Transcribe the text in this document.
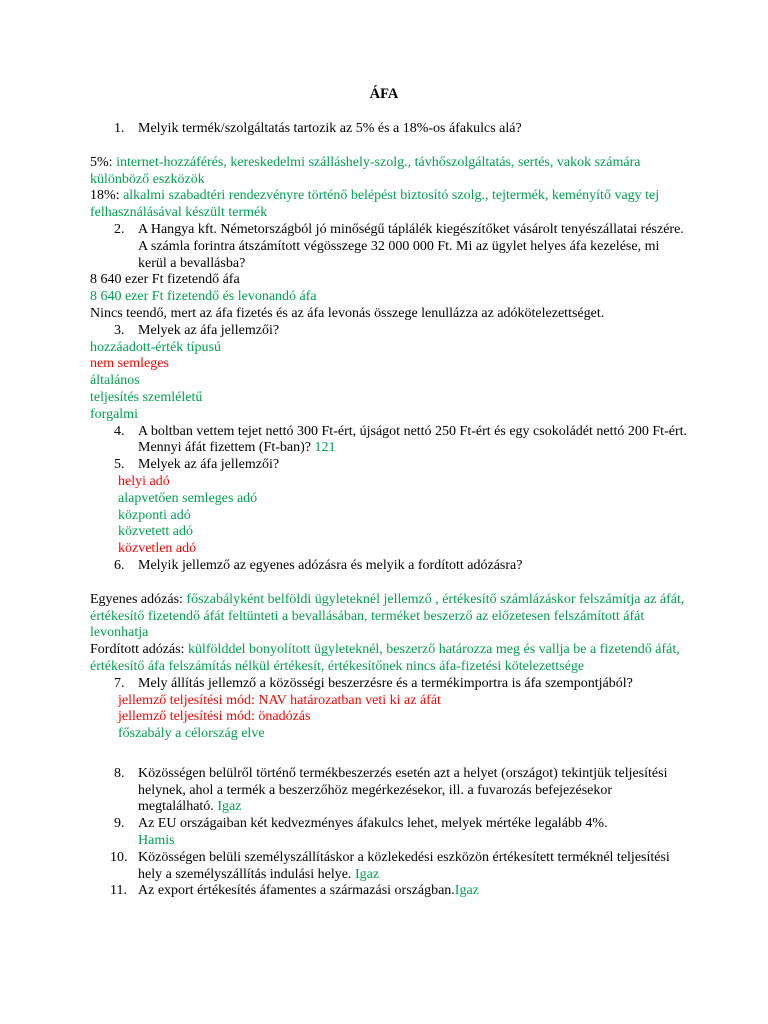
ÁFA
1. Melyik termék/szolgáltatás tartozik az 5% és a 18%-os áfakulcs alá?

5%: internet-hozzáférés, kereskedelmi szálláshely-szolg., távhőszolgáltatás, sertés, vakok számára különböző eszközök

18%: alkalmi szabadtéri rendezvényre történő belépést biztosító szolg., tejtermék, keményítő vagy tej felhasználásával készült termék

2. A Hangya kft. Németországból jó minőségű táplálék kiegészítőket vásárolt tenyészállatai részére. A számla forintra átszámított végösszege 32 000 000 Ft. Mi az ügylet helyes áfa kezelése, mi kerül a bevallásba?

8 640 ezer Ft fizetendő áfa

8 640 ezer Ft fizetendő és levonandó áfa

Nincs teendő, mert az áfa fizetés és az áfa levonás összege lenullázza az adókötelezettséget.

3. Melyek az áfa jellemzői?

hozzáadott-érték típusú

nem semleges

általános

teljesítés szemléletű

forgalmi

4. A boltban vettem tejet nettó 300 Ft-ért, újságot nettó 250 Ft-ért és egy csokoládét nettó 200 Ft-ért. Mennyi áfát fizettem (Ft-ban)? 121
5. Melyek az áfa jellemzői?

helyi adó

alapvetően semleges adó

központi adó

közvetett adó

közvetlen adó

6. Melyik jellemző az egyenes adózásra és melyik a fordított adózásra?

Egyenes adózás: főszabályként belföldi ügyleteknél jellemző , értékesítő számlázáskor felszámítja az áfát, értékesítő fizetendő áfát feltünteti a bevallásában, terméket beszerző az előzetesen felszámított áfát levonhatja

Fordított adózás: külfölddel bonyolított ügyleteknél, beszerző határozza meg és vallja be a fizetendő áfát, értékesítő áfa felszámítás nélkül értékesít, értékesítőnek nincs áfa-fizetési kötelezettsége

7. Mely állítás jellemző a közösségi beszerzésre és a termékimportra is áfa szempontjából?

jellemző teljesítési mód: NAV határozatban veti ki az áfát

jellemző teljesítési mód: önadózás

főszabály a célország elve

8. Közösségen belülről történő termékbeszerzés esetén azt a helyet (országot) tekintjük teljesítési helynek, ahol a termék a beszerzőhöz megérkezésekor, ill. a fuvarozás befejezésekor megtalálható. Igaz
9. Az EU országaiban két kedvezményes áfakulcs lehet, melyek mértéke legalább 4%.
Hamis
10. Közösségen belüli személyszállításkor a közlekedési eszközön értékesített terméknél teljesítési hely a személyszállítás indulási helye. Igaz
11. Az export értékesítés áfamentes a származási országban.Igaz
